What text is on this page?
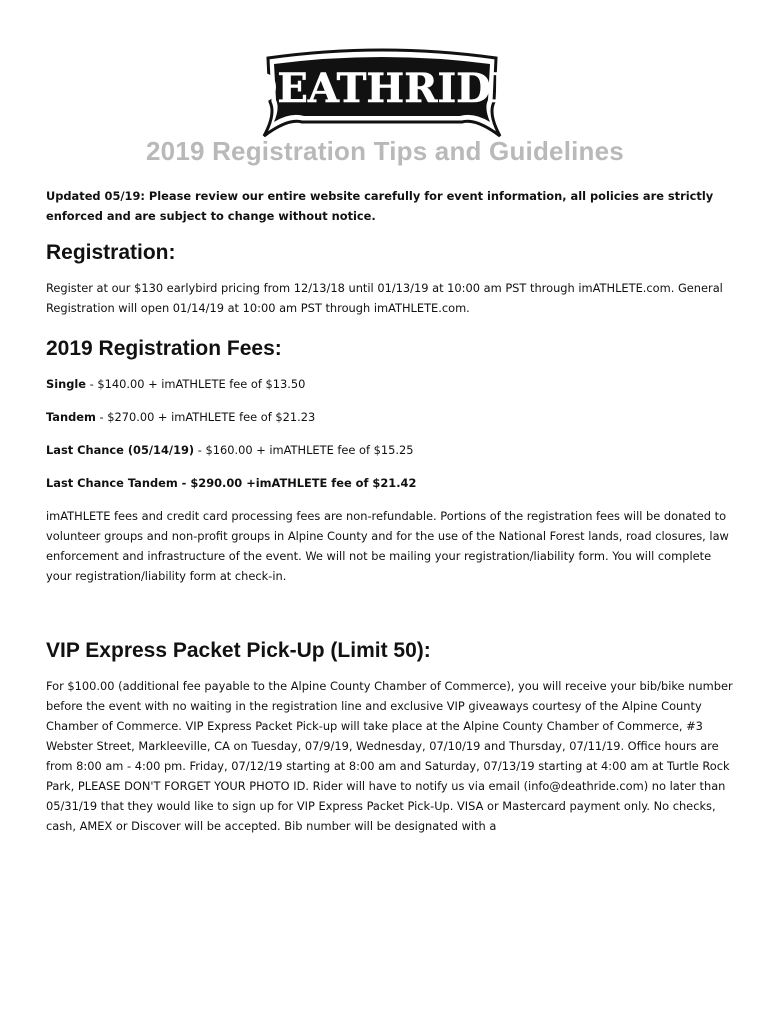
DEATHRIDE
2019 Registration Tips and Guidelines

Updated 05/19: Please review our entire website carefully for event information, all policies are strictly enforced and are subject to change without notice.

Registration:

Register at our $130 earlybird pricing from 12/13/18 until 01/13/19 at 10:00 am PST through imATHLETE.com. General Registration will open 01/14/19 at 10:00 am PST through imATHLETE.com.

2019 Registration Fees:

Single - $140.00 + imATHLETE fee of $13.50

Tandem - $270.00 + imATHLETE fee of $21.23

Last Chance (05/14/19) - $160.00 + imATHLETE fee of $15.25

Last Chance Tandem - $290.00 +imATHLETE fee of $21.42

imATHLETE fees and credit card processing fees are non-refundable. Portions of the registration fees will be donated to volunteer groups and non-profit groups in Alpine County and for the use of the National Forest lands, road closures, law enforcement and infrastructure of the event. We will not be mailing your registration/liability form. You will complete your registration/liability form at check-in.

VIP Express Packet Pick-Up (Limit 50):

For $100.00 (additional fee payable to the Alpine County Chamber of Commerce), you will receive your bib/bike number before the event with no waiting in the registration line and exclusive VIP giveaways courtesy of the Alpine County Chamber of Commerce. VIP Express Packet Pick-up will take place at the Alpine County Chamber of Commerce, #3 Webster Street, Markleeville, CA on Tuesday, 07/9/19, Wednesday, 07/10/19 and Thursday, 07/11/19. Office hours are from 8:00 am - 4:00 pm. Friday, 07/12/19 starting at 8:00 am and Saturday, 07/13/19 starting at 4:00 am at Turtle Rock Park, PLEASE DON'T FORGET YOUR PHOTO ID. Rider will have to notify us via email (info@deathride.com) no later than 05/31/19 that they would like to sign up for VIP Express Packet Pick-Up. VISA or Mastercard payment only. No checks, cash, AMEX or Discover will be accepted. Bib number will be designated with a
